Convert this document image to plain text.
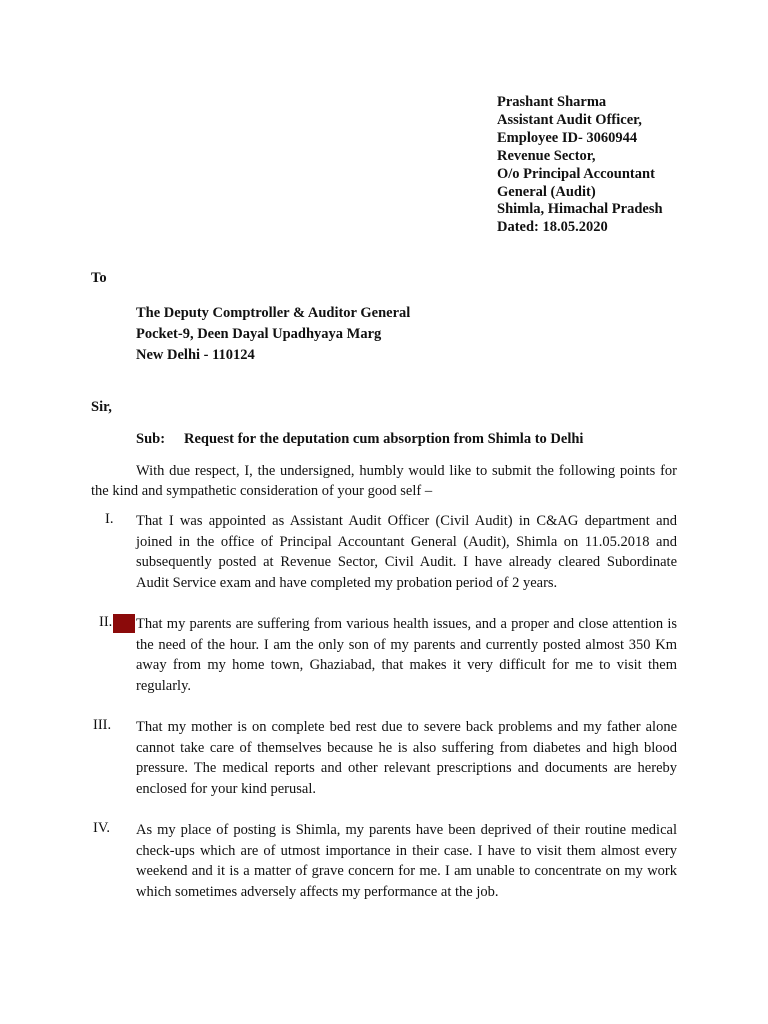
Prashant Sharma
Assistant Audit Officer,
Employee ID- 3060944
Revenue Sector,
O/o Principal Accountant
General (Audit)
Shimla, Himachal Pradesh
Dated: 18.05.2020
To
The Deputy Comptroller & Auditor General
Pocket-9, Deen Dayal Upadhyaya Marg
New Delhi - 110124
Sir,
Sub: Request for the deputation cum absorption from Shimla to Delhi
With due respect, I, the undersigned, humbly would like to submit the following points for the kind and sympathetic consideration of your good self –
I.	That I was appointed as Assistant Audit Officer (Civil Audit) in C&AG department and joined in the office of Principal Accountant General (Audit), Shimla on 11.05.2018 and subsequently posted at Revenue Sector, Civil Audit. I have already cleared Subordinate Audit Service exam and have completed my probation period of 2 years.
II.	That my parents are suffering from various health issues, and a proper and close attention is the need of the hour. I am the only son of my parents and currently posted almost 350 Km away from my home town, Ghaziabad, that makes it very difficult for me to visit them regularly.
III.	That my mother is on complete bed rest due to severe back problems and my father alone cannot take care of themselves because he is also suffering from diabetes and high blood pressure. The medical reports and other relevant prescriptions and documents are hereby enclosed for your kind perusal.
IV.	As my place of posting is Shimla, my parents have been deprived of their routine medical check-ups which are of utmost importance in their case. I have to visit them almost every weekend and it is a matter of grave concern for me. I am unable to concentrate on my work which sometimes adversely affects my performance at the job.
